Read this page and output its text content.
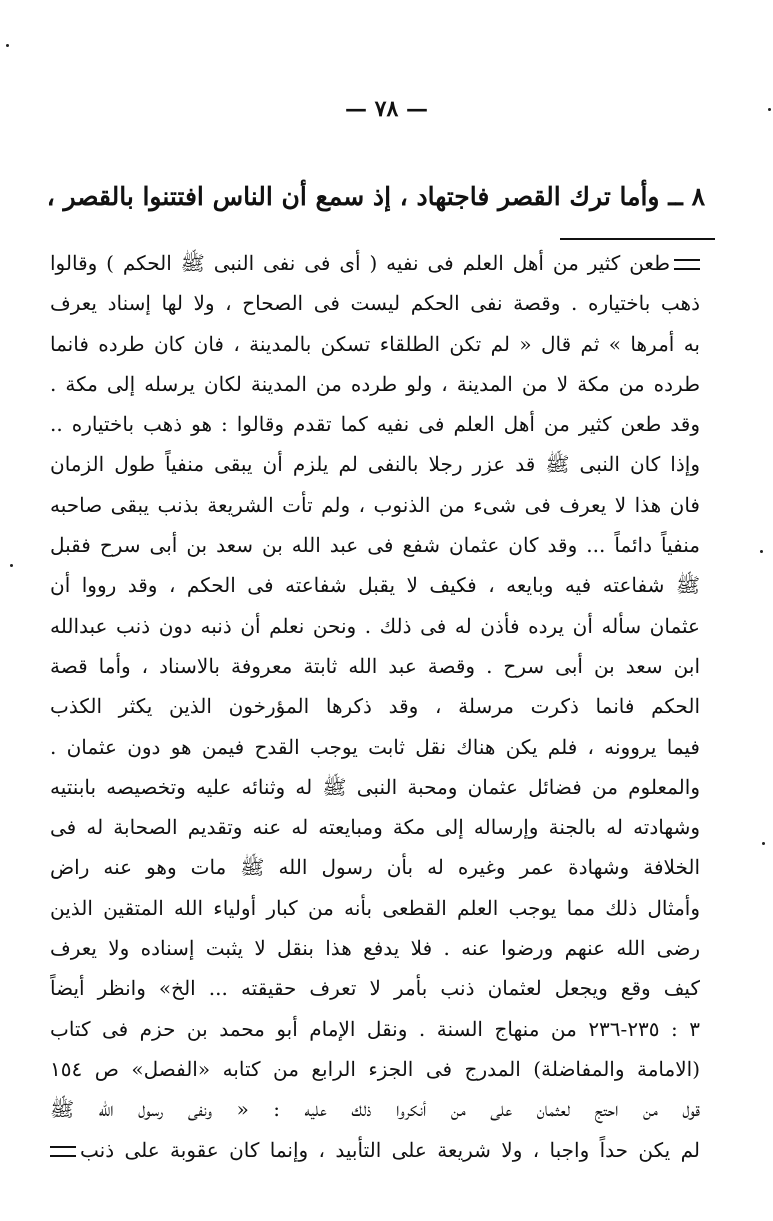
— ٧٨ —
٨ ــ وأما ترك القصر فاجتهاد ، إذ سمع أن الناس افتتنوا بالقصر ،
طعن كثير من أهل العلم فى نفيه ( أى فى نفى النبى ﷺ الحكم ) وقالوا
ذهب باختياره . وقصة نفى الحكم ليست فى الصحاح ، ولا لها إسناد يعرف
به أمرها » ثم قال « لم تكن الطلقاء تسكن بالمدينة ، فان كان طرده فانما
طرده من مكة لا من المدينة ، ولو طرده من المدينة لكان يرسله إلى مكة .
وقد طعن كثير من أهل العلم فى نفيه كما تقدم وقالوا : هو ذهب باختياره ..
وإذا كان النبى ﷺ قد عزر رجلا بالنفى لم يلزم أن يبقى منفياً طول الزمان
فان هذا لا يعرف فى شىء من الذنوب ، ولم تأت الشريعة بذنب يبقى صاحبه
منفياً دائماً ... وقد كان عثمان شفع فى عبد الله بن سعد بن أبى سرح فقبل
ﷺ شفاعته فيه وبايعه ، فكيف لا يقبل شفاعته فى الحكم ، وقد رووا أن
عثمان سأله أن يرده فأذن له فى ذلك . ونحن نعلم أن ذنبه دون ذنب عبدالله
ابن سعد بن أبى سرح . وقصة عبد الله ثابتة معروفة بالاسناد ، وأما قصة
الحكم فانما ذكرت مرسلة ، وقد ذكرها المؤرخون الذين يكثر الكذب
فيما يروونه ، فلم يكن هناك نقل ثابت يوجب القدح فيمن هو دون عثمان .
والمعلوم من فضائل عثمان ومحبة النبى ﷺ له وثنائه عليه وتخصيصه بابنتيه
وشهادته له بالجنة وإرساله إلى مكة ومبايعته له عنه وتقديم الصحابة له فى
الخلافة وشهادة عمر وغيره له بأن رسول الله ﷺ مات وهو عنه راض
وأمثال ذلك مما يوجب العلم القطعى بأنه من كبار أولياء الله المتقين الذين
رضى الله عنهم ورضوا عنه . فلا يدفع هذا بنقل لا يثبت إسناده ولا يعرف
كيف وقع ويجعل لعثمان ذنب بأمر لا تعرف حقيقته ... الخ» وانظر أيضاً
٣ : ٢٣٥-٢٣٦ من منهاج السنة . ونقل الإمام أبو محمد بن حزم فى كتاب
(الامامة والمفاضلة) المدرج فى الجزء الرابع من كتابه «الفصل» ص ١٥٤
قول من احتج لعثمان على من أنكروا ذلك عليه : « ونفى رسول الله ﷺ
لم يكن حداً واجبا ، ولا شريعة على التأبيد ، وإنما كان عقوبة على ذنب
